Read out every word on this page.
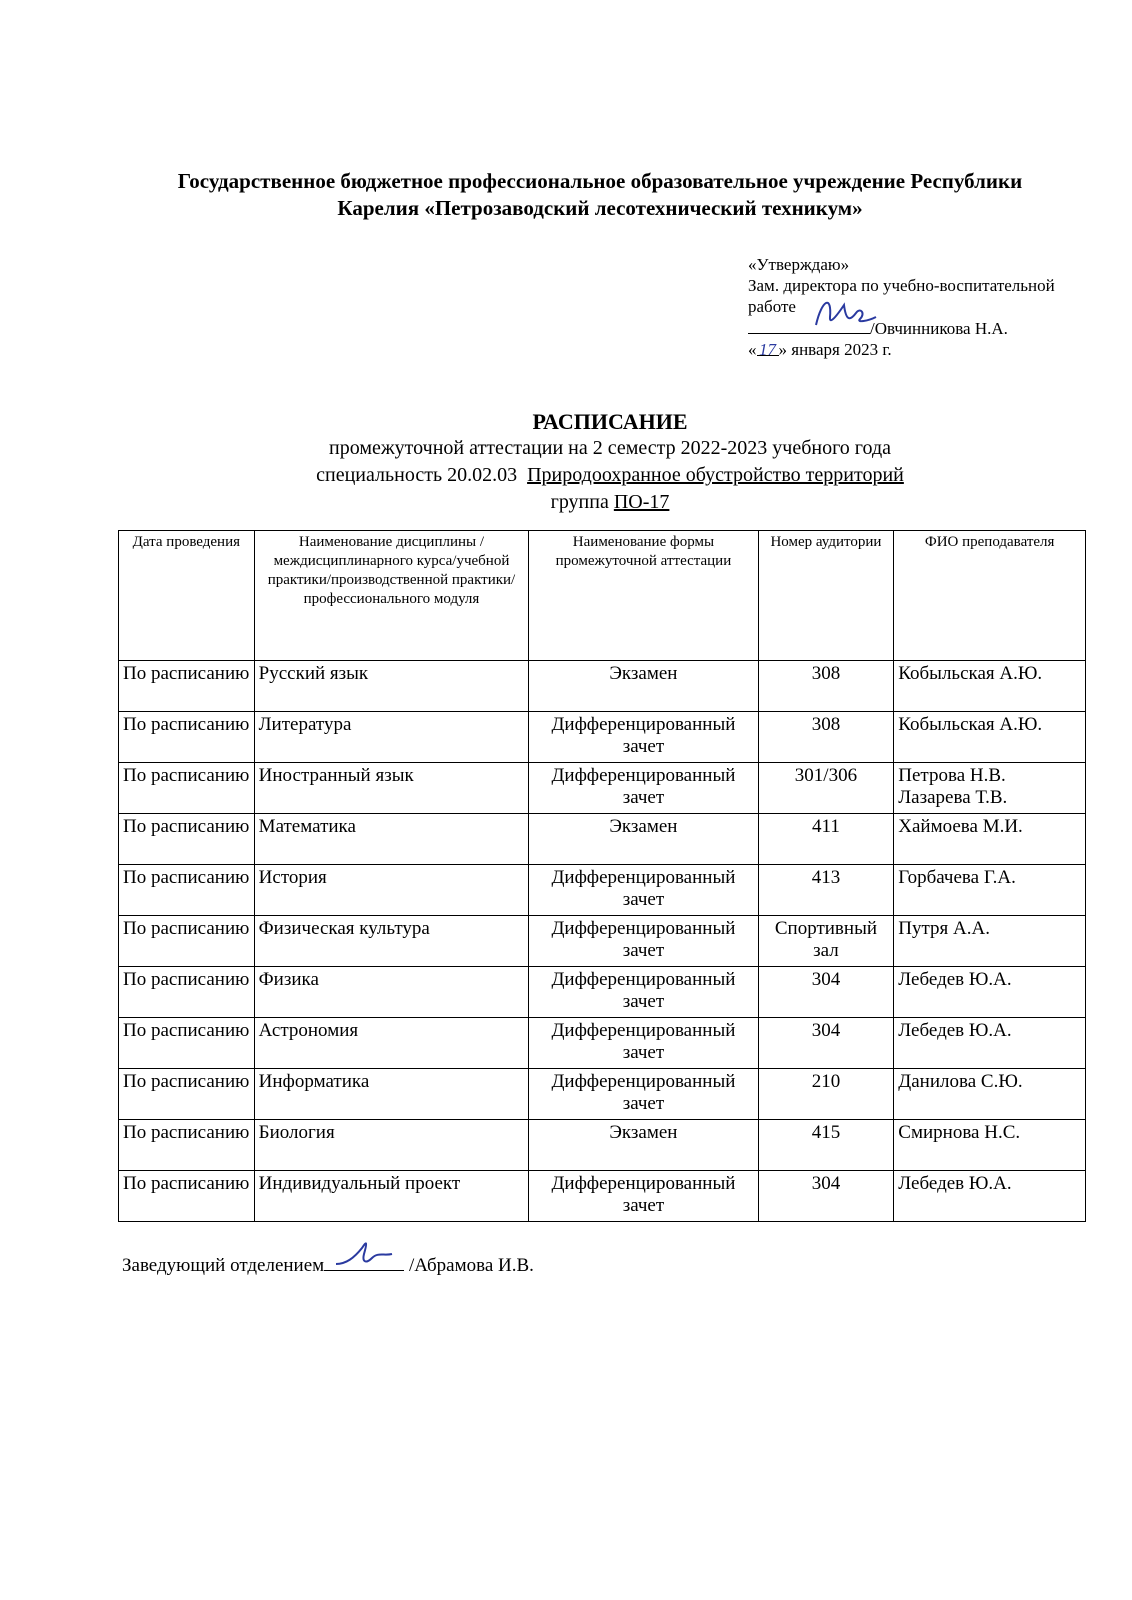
Государственное бюджетное профессиональное образовательное учреждение Республики
Карелия «Петрозаводский лесотехнический техникум»
«Утверждаю»
Зам. директора по учебно-воспитательной
работе
/Овчинникова Н.А.
« 17 » января 2023 г.
РАСПИСАНИЕ
промежуточной аттестации на 2 семестр 2022-2023 учебного года
специальность 20.02.03 Природоохранное обустройство территорий
группа ПО-17
Дата проведения	Наименование дисциплины /междисциплинарного курса/учебной практики/производственной практики/профессионального модуля	Наименование формы промежуточной аттестации	Номер аудитории	ФИО преподавателя
По расписанию	Русский язык	Экзамен	308	Кобыльская А.Ю.
По расписанию	Литература	Дифференцированный зачет	308	Кобыльская А.Ю.
По расписанию	Иностранный язык	Дифференцированный зачет	301/306	Петрова Н.В. Лазарева Т.В.
По расписанию	Математика	Экзамен	411	Хаймоева М.И.
По расписанию	История	Дифференцированный зачет	413	Горбачева Г.А.
По расписанию	Физическая культура	Дифференцированный зачет	Спортивный зал	Путря А.А.
По расписанию	Физика	Дифференцированный зачет	304	Лебедев Ю.А.
По расписанию	Астрономия	Дифференцированный зачет	304	Лебедев Ю.А.
По расписанию	Информатика	Дифференцированный зачет	210	Данилова С.Ю.
По расписанию	Биология	Экзамен	415	Смирнова Н.С.
По расписанию	Индивидуальный проект	Дифференцированный зачет	304	Лебедев Ю.А.
Заведующий отделением	/Абрамова И.В.
